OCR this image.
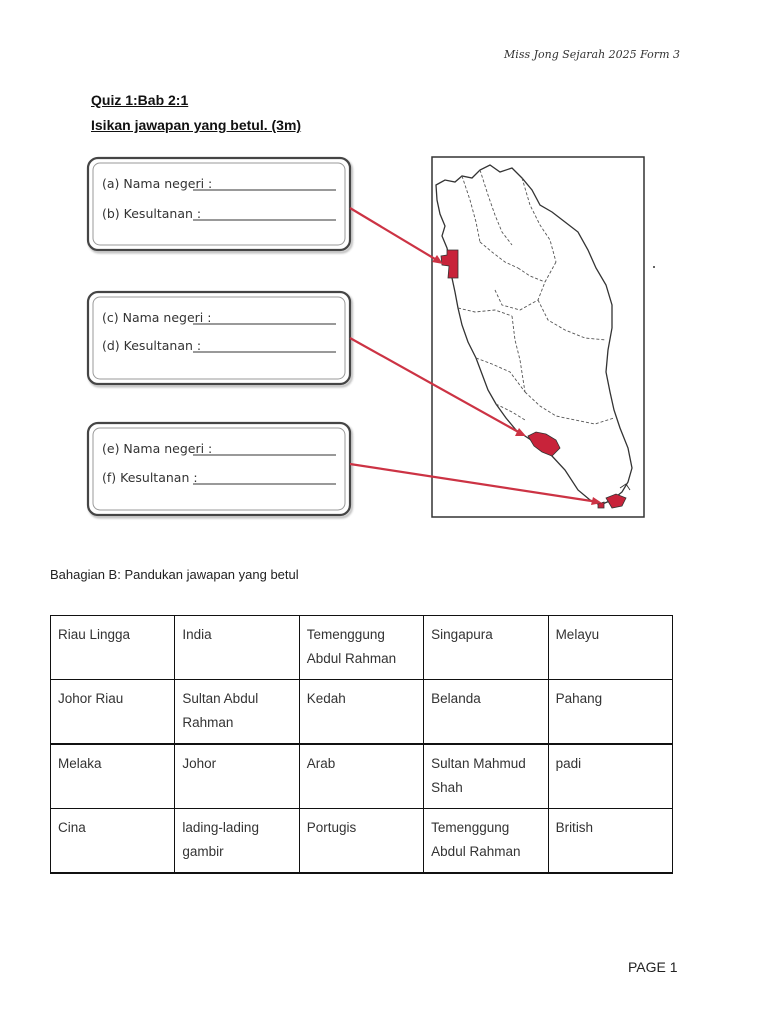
Miss Jong Sejarah 2025 Form 3
Quiz 1:Bab 2:1
Isikan jawapan yang betul. (3m)
(a) Nama negeri :
(b) Kesultanan :
(c) Nama negeri :
(d) Kesultanan :
(e) Nama negeri :
(f) Kesultanan :
Bahagian B: Pandukan jawapan yang betul
Riau Lingga	India	Temenggung Abdul Rahman	Singapura	Melayu
Johor Riau	Sultan Abdul Rahman	Kedah	Belanda	Pahang
Melaka	Johor	Arab	Sultan Mahmud Shah	padi
Cina	lading-lading gambir	Portugis	Temenggung Abdul Rahman	British
PAGE 1
